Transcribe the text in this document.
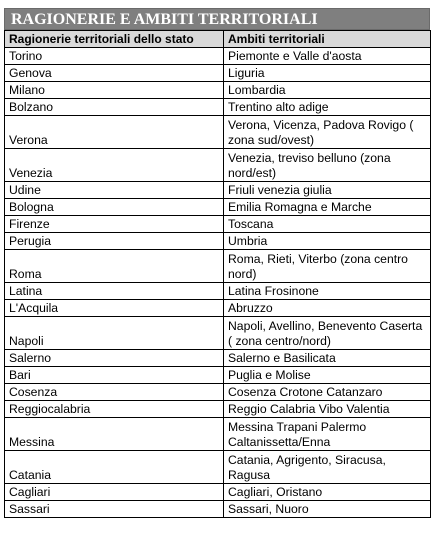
RAGIONERIE E AMBITI TERRITORIALI
Ragionerie territoriali dello stato	Ambiti territoriali
Torino	Piemonte e Valle d'aosta
Genova	Liguria
Milano	Lombardia
Bolzano	Trentino alto adige
Verona	Verona, Vicenza, Padova Rovigo ( zona sud/ovest)
Venezia	Venezia, treviso belluno (zona nord/est)
Udine	Friuli venezia giulia
Bologna	Emilia Romagna e Marche
Firenze	Toscana
Perugia	Umbria
Roma	Roma, Rieti, Viterbo (zona centro nord)
Latina	Latina Frosinone
L'Acquila	Abruzzo
Napoli	Napoli, Avellino, Benevento Caserta ( zona centro/nord)
Salerno	Salerno e Basilicata
Bari	Puglia e Molise
Cosenza	Cosenza Crotone Catanzaro
Reggiocalabria	Reggio Calabria Vibo Valentia
Messina	Messina Trapani Palermo Caltanissetta/Enna
Catania	Catania, Agrigento, Siracusa, Ragusa
Cagliari	Cagliari, Oristano
Sassari	Sassari, Nuoro
